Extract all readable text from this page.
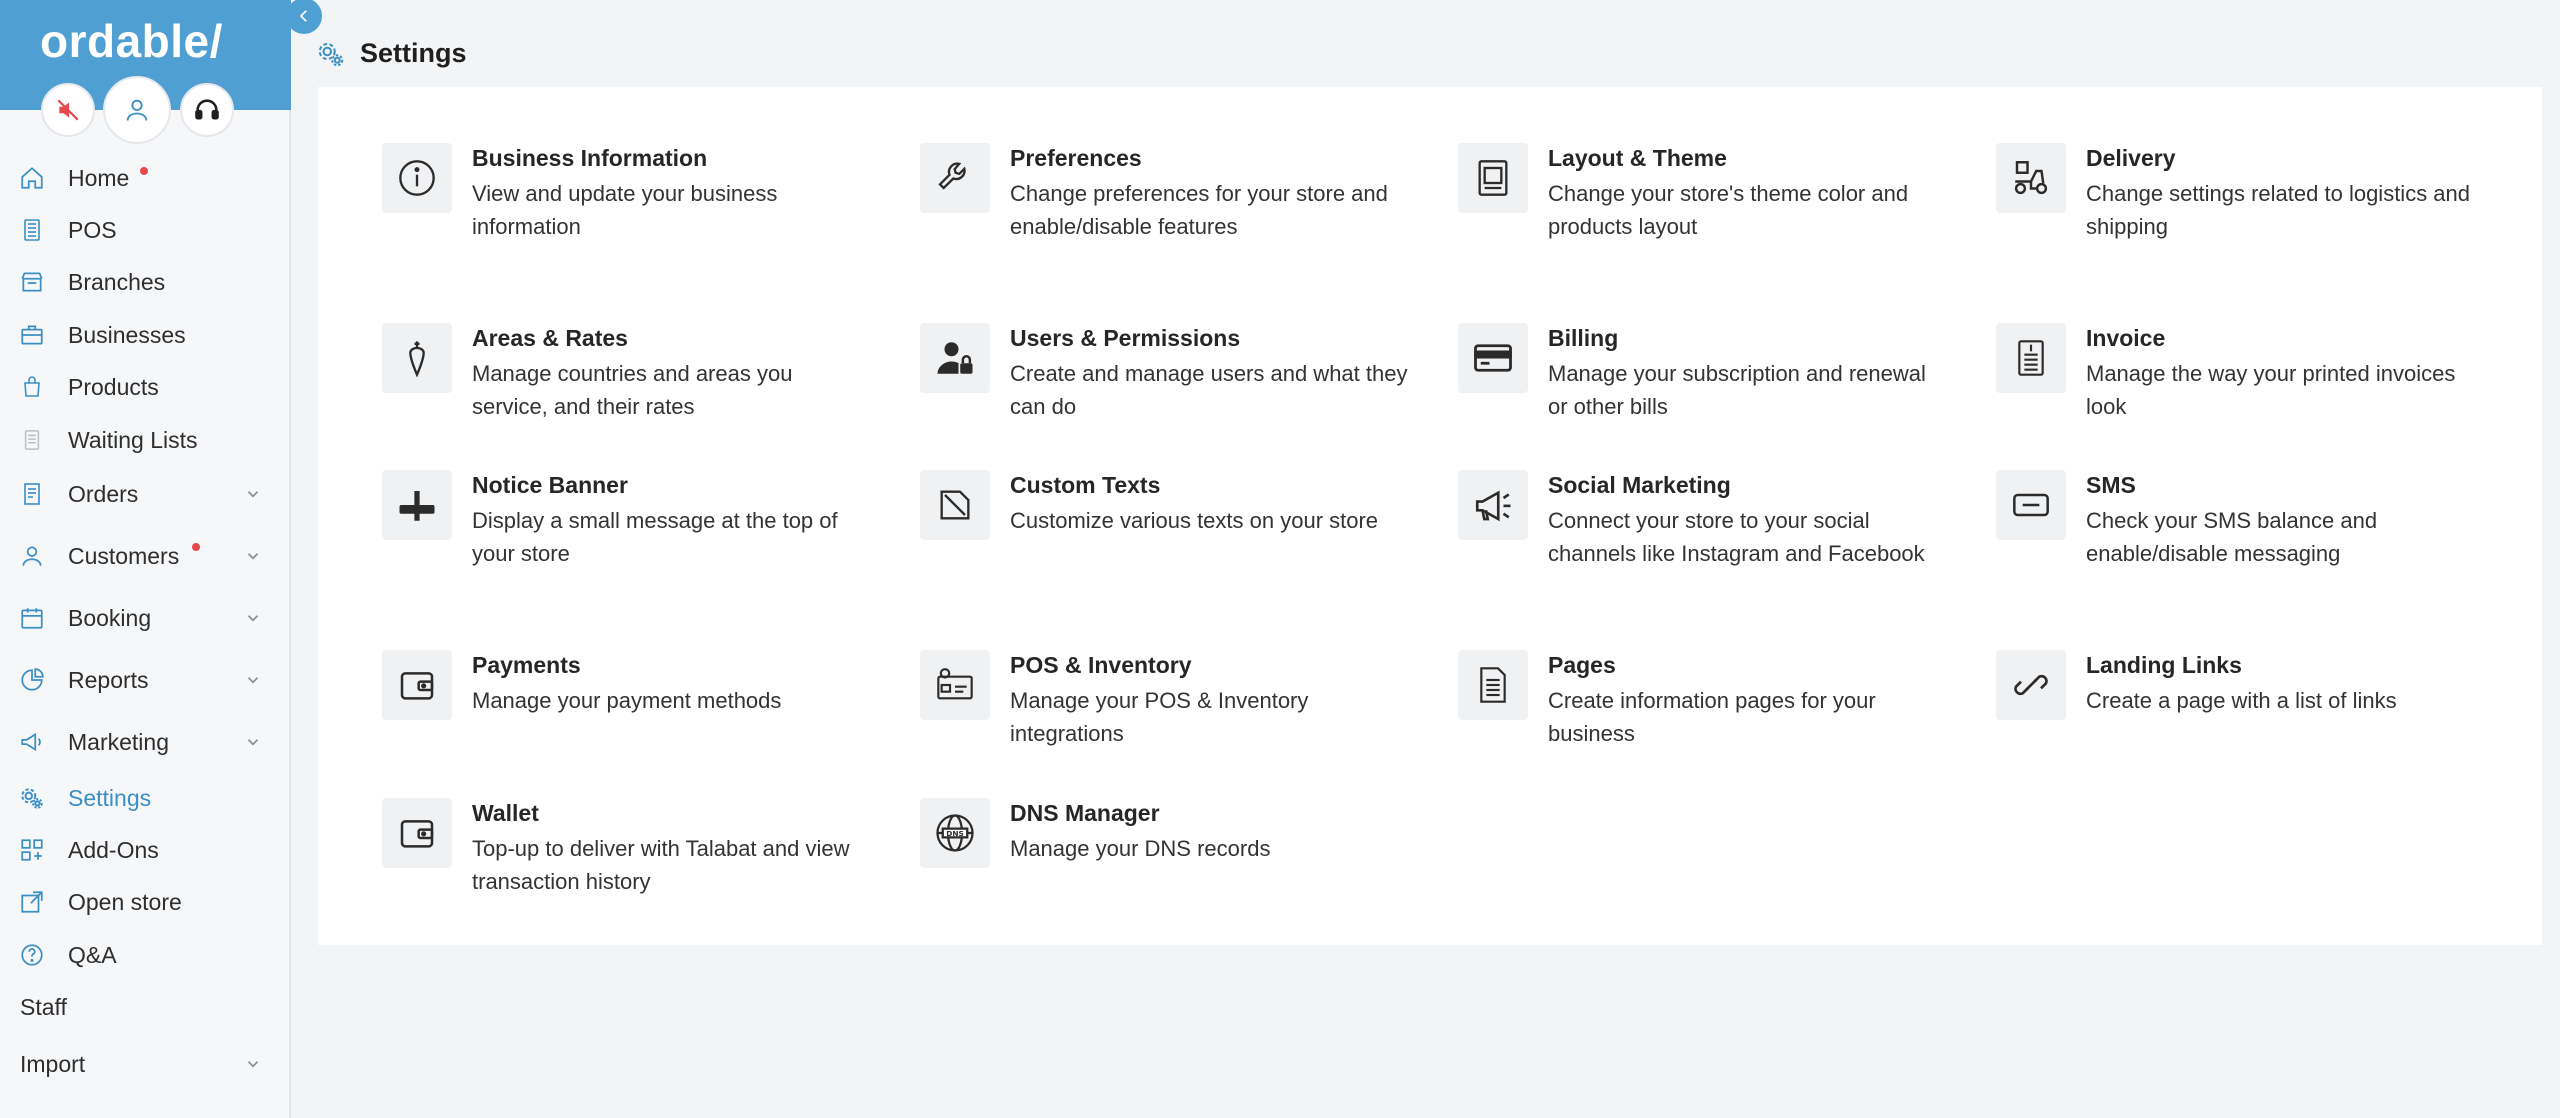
ordable/
Home
POS
Branches
Businesses
Products
Waiting Lists
Orders
Customers
Booking
Reports
Marketing
Settings
Add-Ons
Open store
Q&A
Staff
Import
Settings
Business Information
View and update your business information
Preferences
Change preferences for your store and enable/disable features
Layout & Theme
Change your store's theme color and products layout
Delivery
Change settings related to logistics and shipping
Areas & Rates
Manage countries and areas you service, and their rates
Users & Permissions
Create and manage users and what they can do
Billing
Manage your subscription and renewal or other bills
Invoice
Manage the way your printed invoices look
Notice Banner
Display a small message at the top of your store
Custom Texts
Customize various texts on your store
Social Marketing
Connect your store to your social channels like Instagram and Facebook
SMS
Check your SMS balance and enable/disable messaging
Payments
Manage your payment methods
POS & Inventory
Manage your POS & Inventory integrations
Pages
Create information pages for your business
Landing Links
Create a page with a list of links
Wallet
Top-up to deliver with Talabat and view transaction history
DNS
DNS Manager
Manage your DNS records
